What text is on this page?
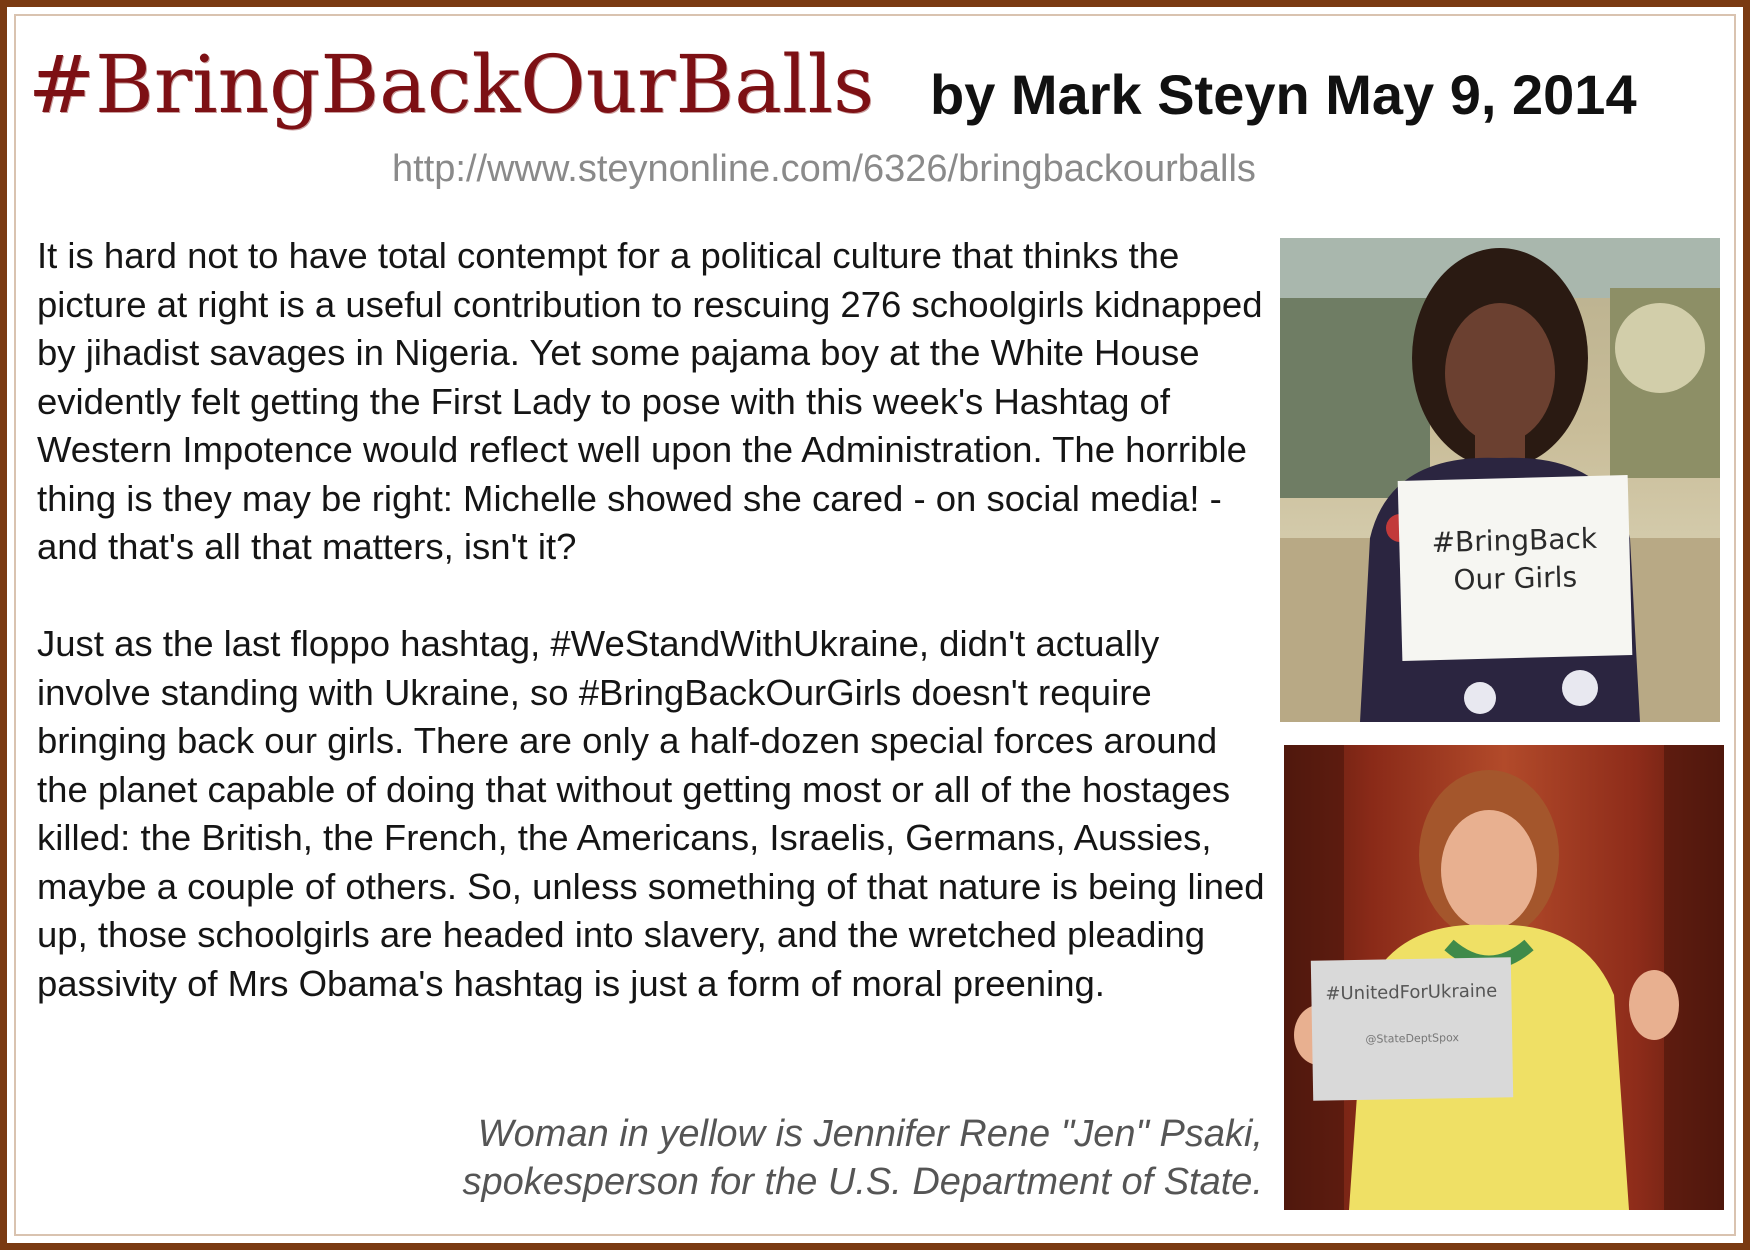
#BringBackOurBalls by Mark Steyn May 9, 2014
http://www.steynonline.com/6326/bringbackourballs

It is hard not to have total contempt for a political culture that thinks the picture at right is a useful contribution to rescuing 276 schoolgirls kidnapped by jihadist savages in Nigeria. Yet some pajama boy at the White House evidently felt getting the First Lady to pose with this week's Hashtag of Western Impotence would reflect well upon the Administration. The horrible thing is they may be right: Michelle showed she cared - on social media! - and that's all that matters, isn't it?

Just as the last floppo hashtag, #WeStandWithUkraine, didn't actually involve standing with Ukraine, so #BringBackOurGirls doesn't require bringing back our girls. There are only a half-dozen special forces around the planet capable of doing that without getting most or all of the hostages killed: the British, the French, the Americans, Israelis, Germans, Aussies, maybe a couple of others. So, unless something of that nature is being lined up, those schoolgirls are headed into slavery, and the wretched pleading passivity of Mrs Obama's hashtag is just a form of moral preening.

Woman in yellow is Jennifer Rene "Jen" Psaki,
spokesperson for the U.S. Department of State.
#BringBack
Our Girls
#UnitedForUkraine
@StateDeptSpox
